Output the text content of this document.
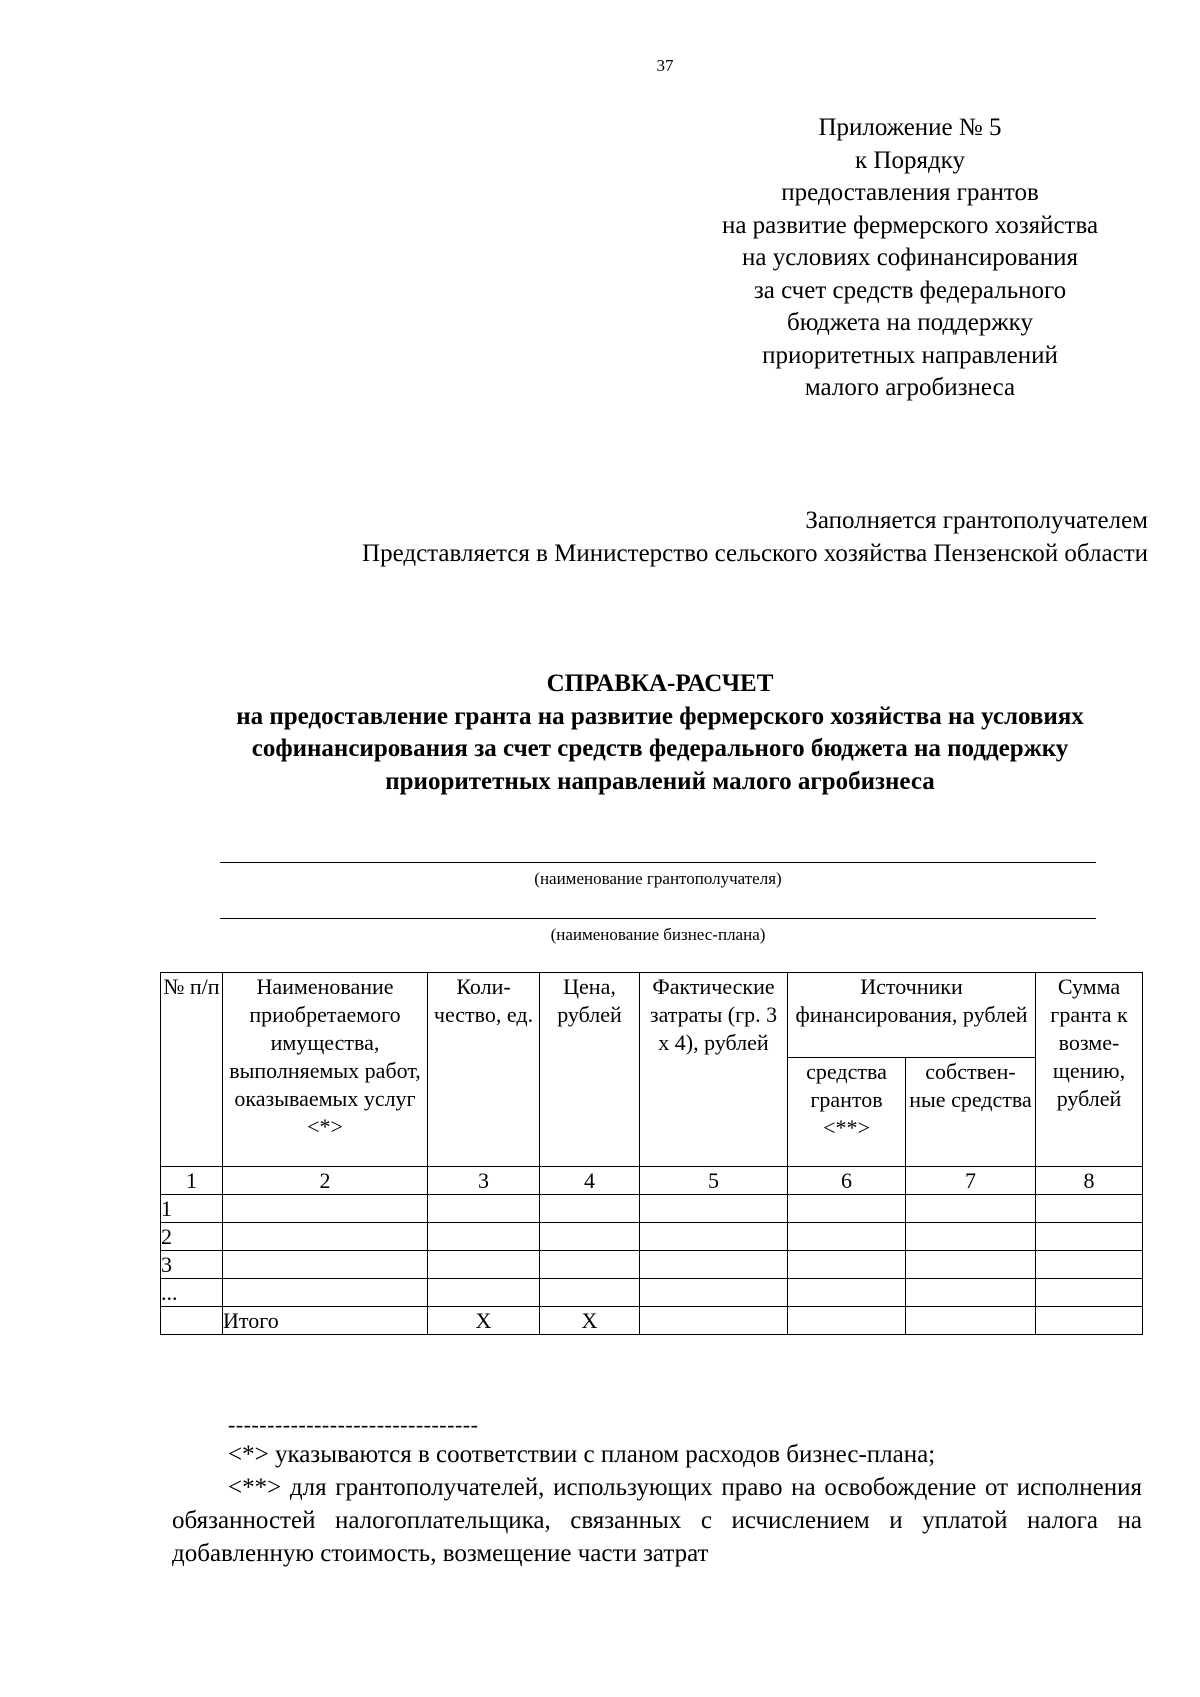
37
Приложение № 5
к Порядку
предоставления грантов
на развитие фермерского хозяйства
на условиях софинансирования
за счет средств федерального
бюджета на поддержку
приоритетных направлений
малого агробизнеса
Заполняется грантополучателем
Представляется в Министерство сельского хозяйства Пензенской области
СПРАВКА-РАСЧЕТ
на предоставление гранта на развитие фермерского хозяйства на условиях
софинансирования за счет средств федерального бюджета на поддержку
приоритетных направлений малого агробизнеса
(наименование грантополучателя)
(наименование бизнес-плана)
№ п/п	Наименование приобретаемого имущества, выполняемых работ, оказываемых услуг <*>	Коли-чество, ед.	Цена, рублей	Фактические затраты (гр. 3 х 4), рублей	Источники финансирования, рублей		Сумма гранта к возме-щению, рублей
					средства грантов <**>	собствен-ные средства	
1	2	3	4	5	6	7	8
1							
2							
3							
...							
	Итого	Х	Х				
--------------------------------

<*> указываются в соответствии с планом расходов бизнес-плана;

<**> для грантополучателей, использующих право на освобождение от исполнения обязанностей налогоплательщика, связанных с исчислением и уплатой налога на добавленную стоимость, возмещение части затрат
